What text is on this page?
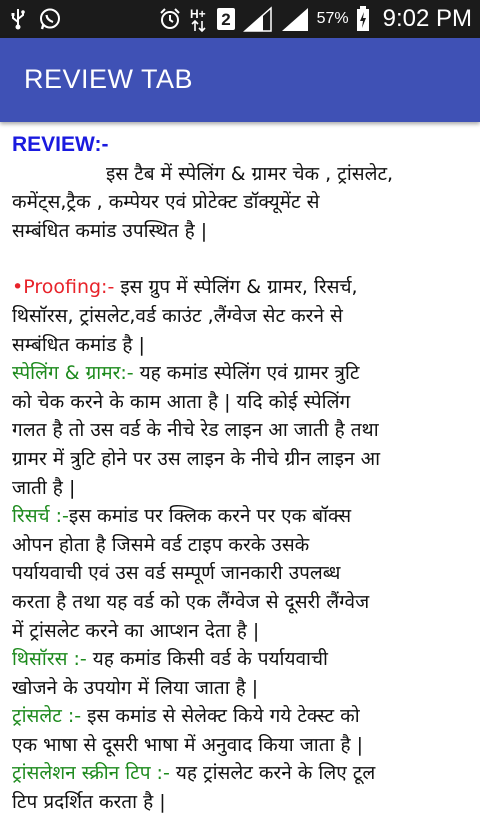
H+ 2	57% 9:02 PM
REVIEW TAB

REVIEW:-

इस टैब में स्पेलिंग & ग्रामर चेक , ट्रांसलेट,

कमेंट्स,ट्रैक , कम्पेयर एवं प्रोटेक्ट डॉक्यूमेंट से

सम्बंधित कमांड उपस्थित है |

•Proofing:- इस ग्रुप में स्पेलिंग & ग्रामर, रिसर्च,

थिसॉरस, ट्रांसलेट,वर्ड काउंट ,लैंग्वेज सेट करने से

सम्बंधित कमांड है |

स्पेलिंग & ग्रामर:- यह कमांड स्पेलिंग एवं ग्रामर त्रुटि

को चेक करने के काम आता है | यदि कोई स्पेलिंग

गलत है तो उस वर्ड के नीचे रेड लाइन आ जाती है तथा

ग्रामर में त्रुटि होने पर उस लाइन के नीचे ग्रीन लाइन आ

जाती है |

रिसर्च :-इस कमांड पर क्लिक करने पर एक बॉक्स

ओपन होता है जिसमे वर्ड टाइप करके उसके

पर्यायवाची एवं उस वर्ड सम्पूर्ण जानकारी उपलब्ध

करता है तथा यह वर्ड को एक लैंग्वेज से दूसरी लैंग्वेज

में ट्रांसलेट करने का आप्शन देता है |

थिसॉरस :- यह कमांड किसी वर्ड के पर्यायवाची

खोजने के उपयोग में लिया जाता है |

ट्रांसलेट :- इस कमांड से सेलेक्ट किये गये टेक्स्ट को

एक भाषा से दूसरी भाषा में अनुवाद किया जाता है |

ट्रांसलेशन स्क्रीन टिप :- यह ट्रांसलेट करने के लिए टूल

टिप प्रदर्शित करता है |
